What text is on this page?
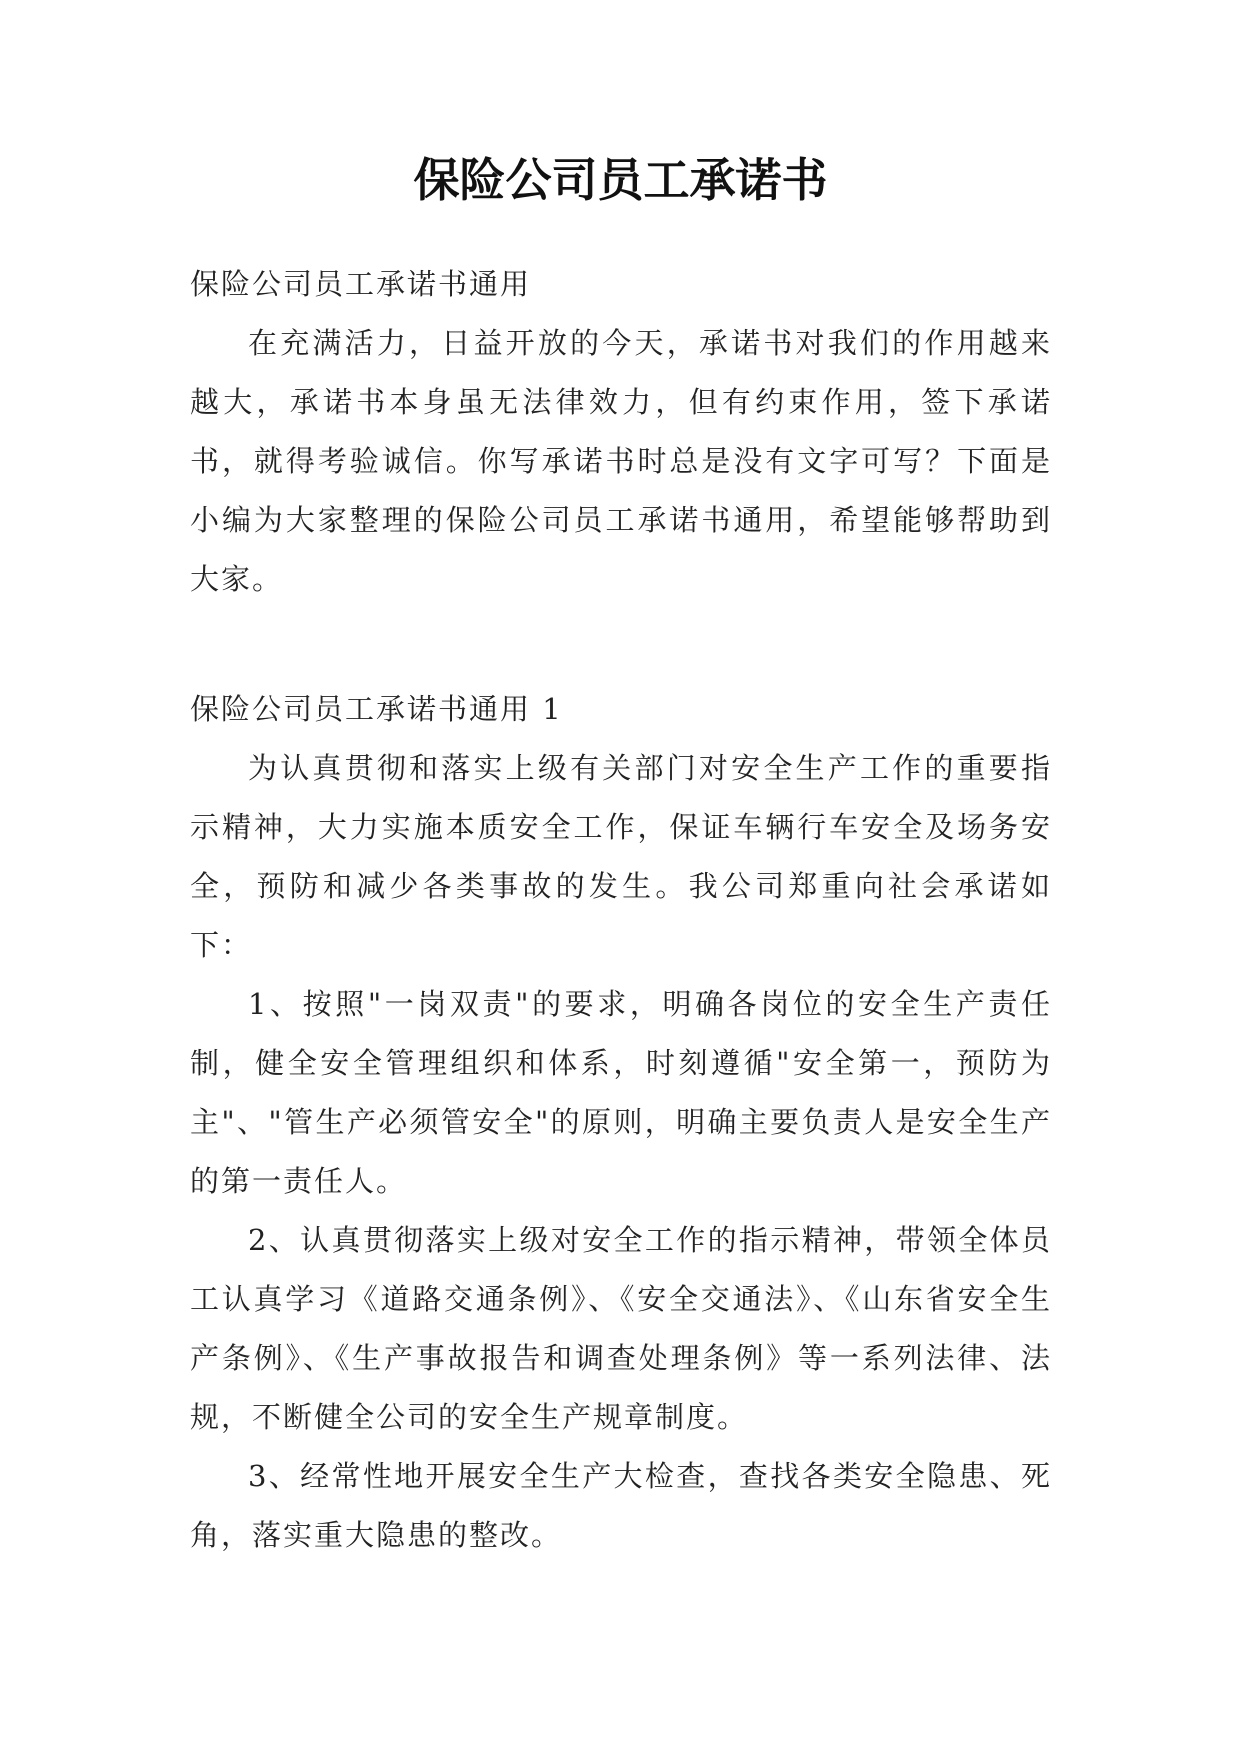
保险公司员工承诺书

保险公司员工承诺书通用

在充满活力，日益开放的今天，承诺书对我们的作用越来越大，承诺书本身虽无法律效力，但有约束作用，签下承诺书，就得考验诚信。你写承诺书时总是没有文字可写？下面是小编为大家整理的保险公司员工承诺书通用，希望能够帮助到大家。

保险公司员工承诺书通用 1

为认真贯彻和落实上级有关部门对安全生产工作的重要指示精神，大力实施本质安全工作，保证车辆行车安全及场务安全，预防和减少各类事故的发生。我公司郑重向社会承诺如下：

1、按照"一岗双责"的要求，明确各岗位的安全生产责任制，健全安全管理组织和体系，时刻遵循"安全第一，预防为主"、"管生产必须管安全"的原则，明确主要负责人是安全生产的第一责任人。

2、认真贯彻落实上级对安全工作的指示精神，带领全体员工认真学习《道路交通条例》、《安全交通法》、《山东省安全生产条例》、《生产事故报告和调查处理条例》等一系列法律、法规，不断健全公司的安全生产规章制度。

3、经常性地开展安全生产大检查，查找各类安全隐患、死角，落实重大隐患的整改。
